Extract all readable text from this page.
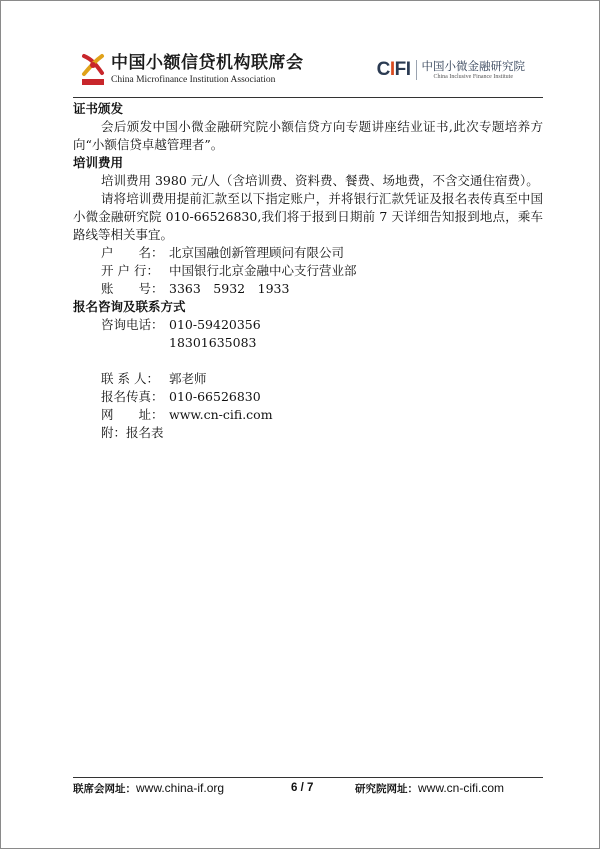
中国小额信贷机构联席会
China Microfinance Institution Association	C I FI 中国小微金融研究院
China Inclusive Finance Institute
证书颁发

会后颁发中国小微金融研究院小额信贷方向专题讲座结业证书,此次专题培养方向“小额信贷卓越管理者”。

培训费用

培训费用 3980 元/人（含培训费、资料费、餐费、场地费，不含交通住宿费）。

请将培训费用提前汇款至以下指定账户，并将银行汇款凭证及报名表传真至中国小微金融研究院 010-66526830,我们将于报到日期前 7 天详细告知报到地点，乘车路线等相关事宜。

户　　名： 北京国融创新管理顾问有限公司
开 户 行： 中国银行北京金融中心支行营业部
账　　号： 3363　5932　1933
报名咨询及联系方式
咨询电话： 010-59420356
18301635083
联 系 人： 郭老师
报名传真： 010-66526830
网　　址： www.cn-cifi.com
附：报名表
联席会网址：www.china-if.org	6 / 7	研究院网址：www.cn-cifi.com
